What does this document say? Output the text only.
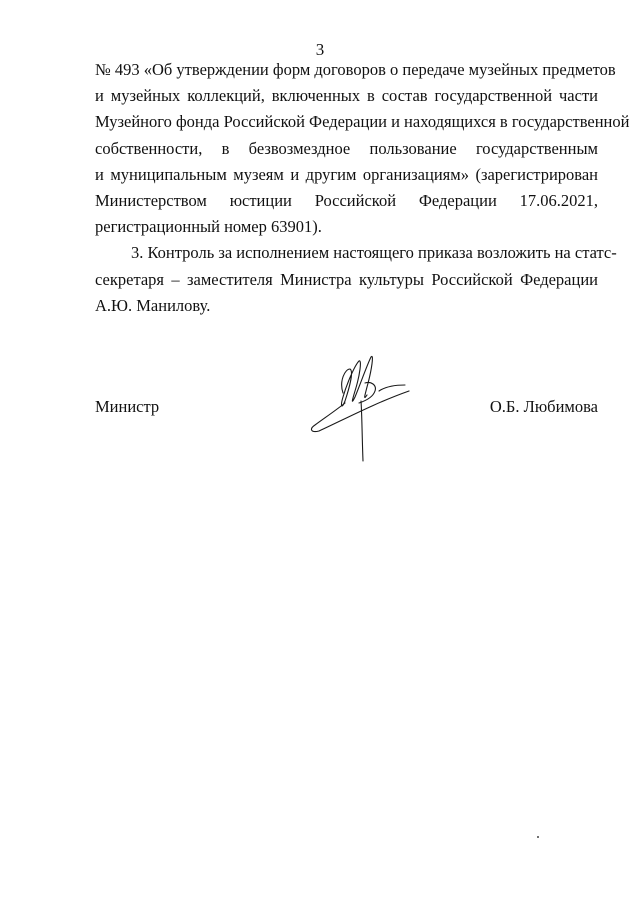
3
№ 493 «Об утверждении форм договоров о передаче музейных предметов
и музейных коллекций, включенных в состав государственной части
Музейного фонда Российской Федерации и находящихся в государственной
собственности, в безвозмездное пользование государственным
и муниципальным музеям и другим организациям» (зарегистрирован
Министерством юстиции Российской Федерации 17.06.2021,
регистрационный номер 63901).
3. Контроль за исполнением настоящего приказа возложить на статс-
секретаря – заместителя Министра культуры Российской Федерации
А.Ю. Манилову.
Министр	О.Б. Любимова
